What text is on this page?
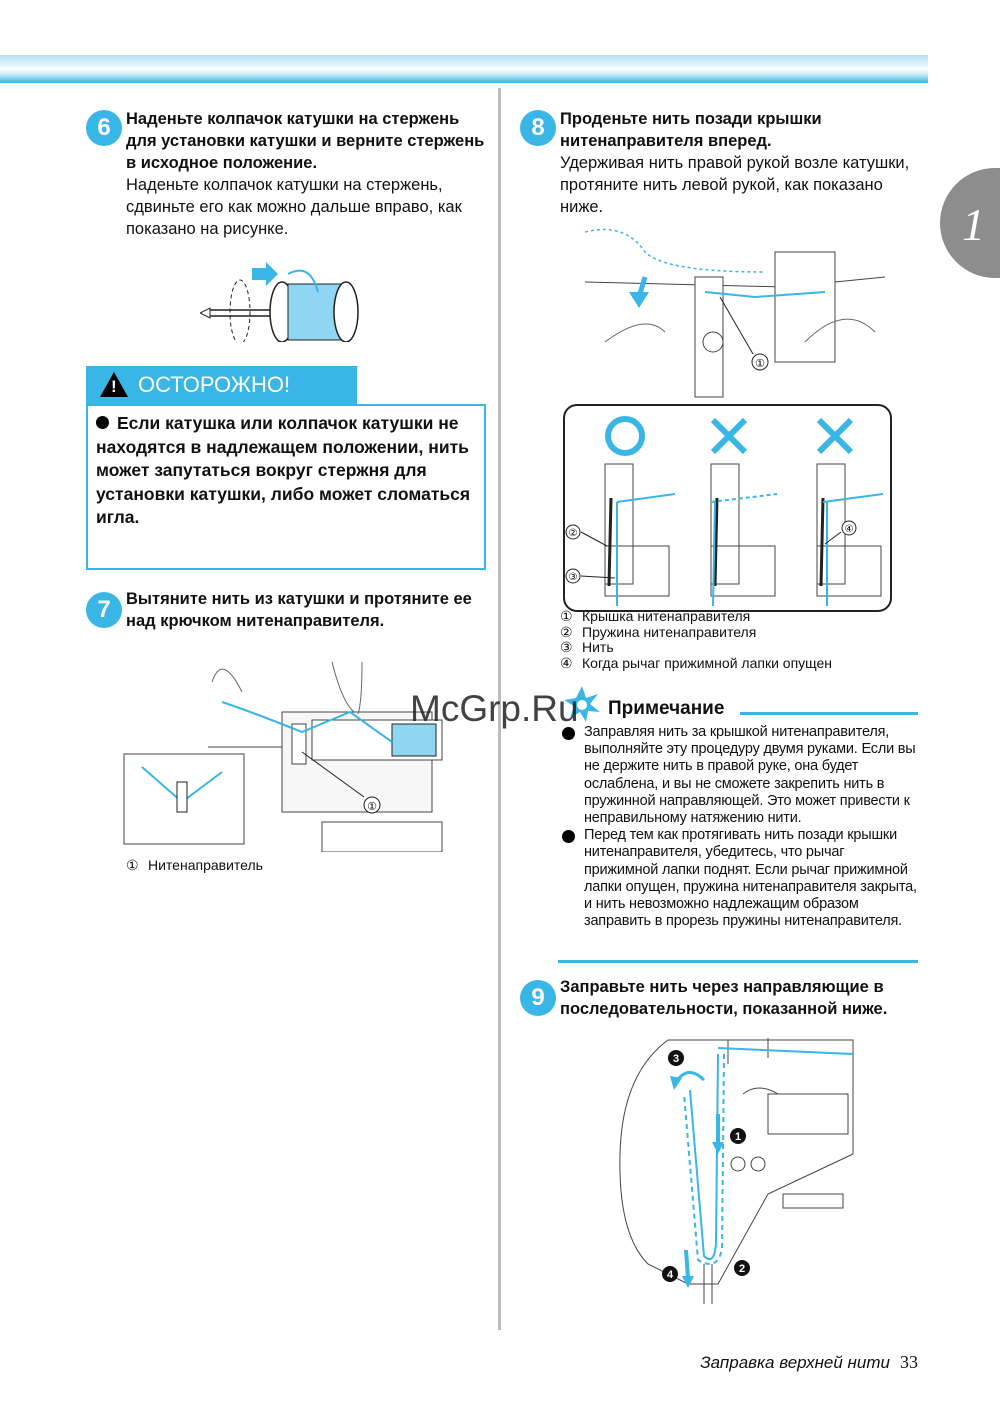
1
6 Наденьте колпачок катушки на стержень для установки катушки и верните стержень в исходное положение.
Наденьте колпачок катушки на стержень, сдвиньте его как можно дальше вправо, как показано на рисунке.
! ОСТОРОЖНО!
Если катушка или колпачок катушки не находятся в надлежащем положении, нить может запутаться вокруг стержня для установки катушки, либо может сломаться игла.
7 Вытяните нить из катушки и протяните ее над крючком нитенаправителя.
①
① Нитенаправитель
8 Проденьте нить позади крышки нитенаправителя вперед.
Удерживая нить правой рукой возле катушки, протяните нить левой рукой, как показано ниже.
①
②
③
④
① Крышка нитенаправителя
② Пружина нитенаправителя
③ Нить
④ Когда рычаг прижимной лапки опущен
Примечание
Заправляя нить за крышкой нитенаправителя, выполняйте эту процедуру двумя руками. Если вы не держите нить в правой руке, она будет ослаблена, и вы не сможете закрепить нить в пружинной направляющей. Это может привести к неправильному натяжению нити.
Перед тем как протягивать нить позади крышки нитенаправителя, убедитесь, что рычаг прижимной лапки поднят. Если рычаг прижимной лапки опущен, пружина нитенаправителя закрыта, и нить невозможно надлежащим образом заправить в прорезь пружины нитенаправителя.
McGrp.Ru
9 Заправьте нить через направляющие в последовательности, показанной ниже.
3
1
2
4
Заправка верхней нити 33
